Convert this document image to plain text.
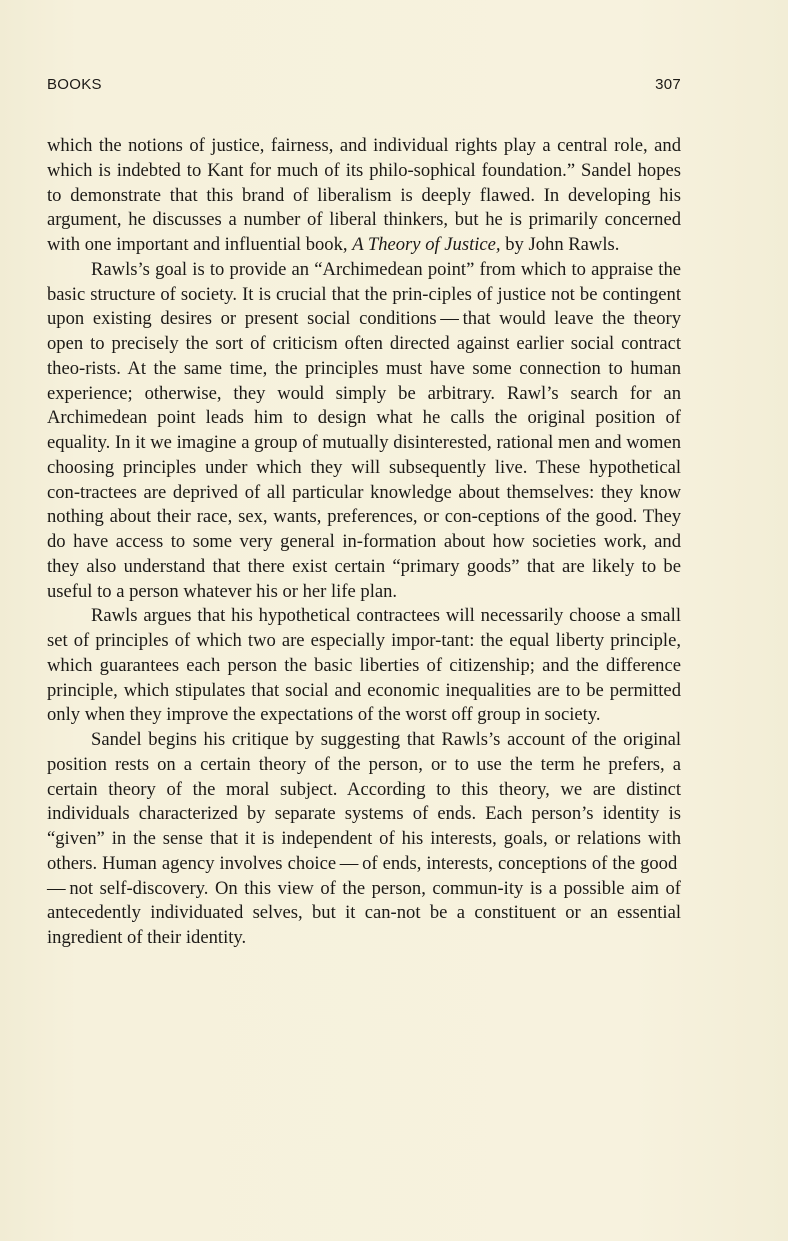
BOOKS	307

which the notions of justice, fairness, and individual rights play a central role, and which is indebted to Kant for much of its philo-sophical foundation.” Sandel hopes to demonstrate that this brand of liberalism is deeply flawed. In developing his argument, he discusses a number of liberal thinkers, but he is primarily concerned with one important and influential book, A Theory of Justice, by John Rawls.

Rawls’s goal is to provide an “Archimedean point” from which to appraise the basic structure of society. It is crucial that the prin-ciples of justice not be contingent upon existing desires or present social conditions — that would leave the theory open to precisely the sort of criticism often directed against earlier social contract theo-rists. At the same time, the principles must have some connection to human experience; otherwise, they would simply be arbitrary. Rawl’s search for an Archimedean point leads him to design what he calls the original position of equality. In it we imagine a group of mutually disinterested, rational men and women choosing principles under which they will subsequently live. These hypothetical con-tractees are deprived of all particular knowledge about themselves: they know nothing about their race, sex, wants, preferences, or con-ceptions of the good. They do have access to some very general in-formation about how societies work, and they also understand that there exist certain “primary goods” that are likely to be useful to a person whatever his or her life plan.

Rawls argues that his hypothetical contractees will necessarily choose a small set of principles of which two are especially impor-tant: the equal liberty principle, which guarantees each person the basic liberties of citizenship; and the difference principle, which stipulates that social and economic inequalities are to be permitted only when they improve the expectations of the worst off group in society.

Sandel begins his critique by suggesting that Rawls’s account of the original position rests on a certain theory of the person, or to use the term he prefers, a certain theory of the moral subject. According to this theory, we are distinct individuals characterized by separate systems of ends. Each person’s identity is “given” in the sense that it is independent of his interests, goals, or relations with others. Human agency involves choice — of ends, interests, conceptions of the good — not self-discovery. On this view of the person, commun-ity is a possible aim of antecedently individuated selves, but it can-not be a constituent or an essential ingredient of their identity.
